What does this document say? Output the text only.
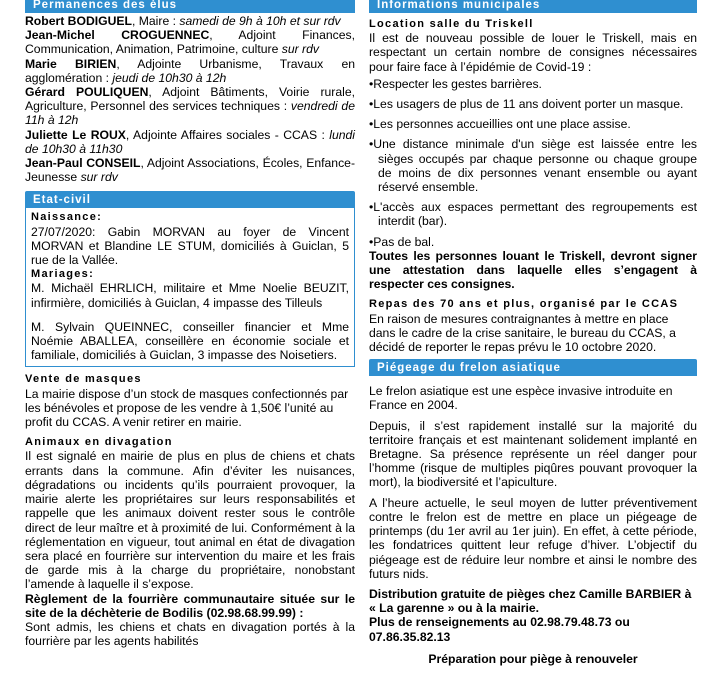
Permanences des élus

Robert BODIGUEL, Maire : samedi de 9h à 10h et sur rdv

Jean-Michel CROGUENNEC, Adjoint Finances, Communication, Animation, Patrimoine, culture sur rdv

Marie BIRIEN, Adjointe Urbanisme, Travaux en agglomération : jeudi de 10h30 à 12h

Gérard POULIQUEN, Adjoint Bâtiments, Voirie rurale, Agriculture, Personnel des services techniques : vendredi de 11h à 12h

Juliette Le ROUX, Adjointe Affaires sociales - CCAS : lundi de 10h30 à 11h30

Jean-Paul CONSEIL, Adjoint Associations, Écoles, Enfance-Jeunesse sur rdv

Etat-civil

Naissance:

27/07/2020: Gabin MORVAN au foyer de Vincent MORVAN et Blandine LE STUM, domiciliés à Guiclan, 5 rue de la Vallée.

Mariages:

M. Michaël EHRLICH, militaire et Mme Noelie BEUZIT, infirmière, domiciliés à Guiclan, 4 impasse des Tilleuls

M. Sylvain QUEINNEC, conseiller financier et Mme Noémie ABALLEA, conseillère en économie sociale et familiale, domiciliés à Guiclan, 3 impasse des Noisetiers.

Vente de masques

La mairie dispose d’un stock de masques confectionnés par les bénévoles et propose de les vendre à 1,50€ l’unité au profit du CCAS. A venir retirer en mairie.

Animaux en divagation

Il est signalé en mairie de plus en plus de chiens et chats errants dans la commune. Afin d’éviter les nuisances, dégradations ou incidents qu’ils pourraient provoquer, la mairie alerte les propriétaires sur leurs responsabilités et rappelle que les animaux doivent rester sous le contrôle direct de leur maître et à proximité de lui. Conformément à la réglementation en vigueur, tout animal en état de divagation sera placé en fourrière sur intervention du maire et les frais de garde mis à la charge du propriétaire, nonobstant l’amende à laquelle il s’expose.

Règlement de la fourrière communautaire située sur le site de la déchèterie de Bodilis (02.98.68.99.99) :

Sont admis, les chiens et chats en divagation portés à la fourrière par les agents habilités

Informations municipales

Location salle du Triskell

Il est de nouveau possible de louer le Triskell, mais en respectant un certain nombre de consignes nécessaires pour faire face à l’épidémie de Covid-19 :

•Respecter les gestes barrières.

•Les usagers de plus de 11 ans doivent porter un masque.

•Les personnes accueillies ont une place assise.

•Une distance minimale d'un siège est laissée entre les sièges occupés par chaque personne ou chaque groupe de moins de dix personnes venant ensemble ou ayant réservé ensemble.

•L'accès aux espaces permettant des regroupements est interdit (bar).

•Pas de bal.

Toutes les personnes louant le Triskell, devront signer une attestation dans laquelle elles s’engagent à respecter ces consignes.

Repas des 70 ans et plus, organisé par le CCAS

En raison de mesures contraignantes à mettre en place dans le cadre de la crise sanitaire, le bureau du CCAS, a décidé de reporter le repas prévu le 10 octobre 2020.

Piégeage du frelon asiatique

Le frelon asiatique est une espèce invasive introduite en France en 2004.

Depuis, il s’est rapidement installé sur la majorité du territoire français et est maintenant solidement implanté en Bretagne. Sa présence représente un réel danger pour l’homme (risque de multiples piqûres pouvant provoquer la mort), la biodiversité et l’apiculture.

A l’heure actuelle, le seul moyen de lutter préventivement contre le frelon est de mettre en place un piégeage de printemps (du 1er avril au 1er juin). En effet, à cette période, les fondatrices quittent leur refuge d’hiver. L’objectif du piégeage est de réduire leur nombre et ainsi le nombre des futurs nids.

Distribution gratuite de pièges chez Camille BARBIER à « La garenne » ou à la mairie.

Plus de renseignements au 02.98.79.48.73 ou 07.86.35.82.13

Préparation pour piège à renouveler
